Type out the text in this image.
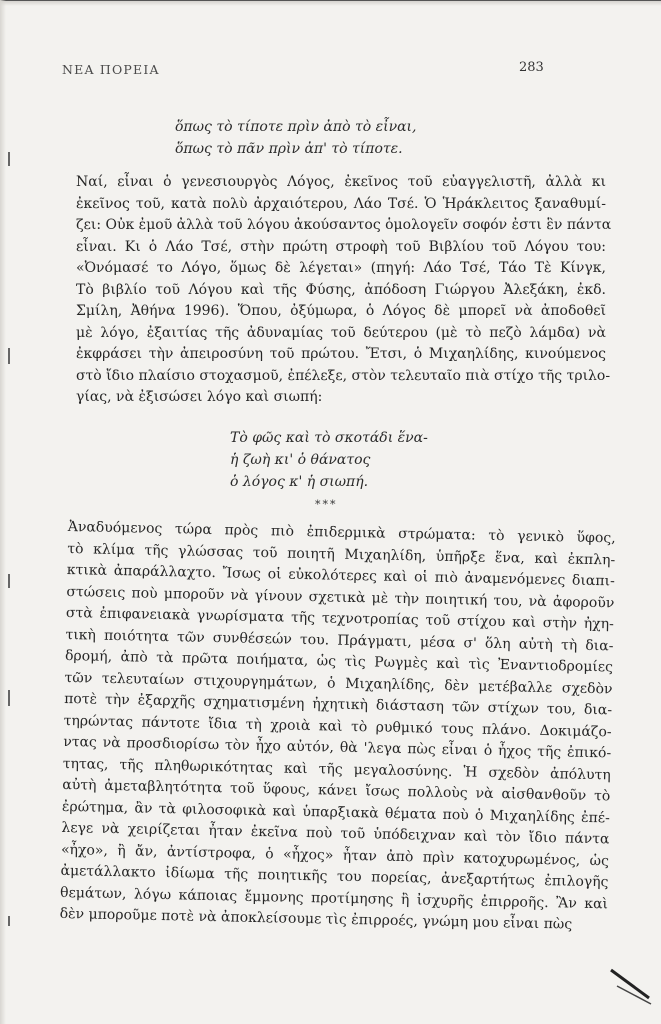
ΝΕΑ ΠΟΡΕΙΑ	283
ὅπως τὸ τίποτε πρὶν ἀπὸ τὸ εἶναι,
ὅπως τὸ πᾶν πρὶν ἀπ' τὸ τίποτε.

Ναί, εἶναι ὁ γενεσιουργὸς Λόγος, ἐκεῖνος τοῦ εὐαγγελιστῆ, ἀλλὰ κι
ἐκεῖνος τοῦ, κατὰ πολὺ ἀρχαιότερου, Λάο Τσέ. Ὁ Ἡράκλειτος ξαναθυμί-
ζει: Οὐκ ἐμοῦ ἀλλὰ τοῦ λόγου ἀκούσαντος ὁμολογεῖν σοφόν ἐστι ἓν πάντα
εἶναι. Κι ὁ Λάο Τσέ, στὴν πρώτη στροφὴ τοῦ Βιβλίου τοῦ Λόγου του:
«Ὀνόμασέ το Λόγο, ὅμως δὲ λέγεται» (πηγή: Λάο Τσέ, Τάο Τὲ Κίνγκ,
Τὸ βιβλίο τοῦ Λόγου καὶ τῆς Φύσης, ἀπόδοση Γιώργου Ἀλεξάκη, ἐκδ.
Σμίλη, Ἀθήνα 1996). Ὅπου, ὀξύμωρα, ὁ Λόγος δὲ μπορεῖ νὰ ἀποδοθεῖ
μὲ λόγο, ἐξαιτίας τῆς ἀδυναμίας τοῦ δεύτερου (μὲ τὸ πεζὸ λάμδα) νὰ
ἐκφράσει τὴν ἀπειροσύνη τοῦ πρώτου. Ἔτσι, ὁ Μιχαηλίδης, κινούμενος
στὸ ἴδιο πλαίσιο στοχασμοῦ, ἐπέλεξε, στὸν τελευταῖο πιὰ στίχο τῆς τριλο-
γίας, νὰ ἐξισώσει λόγο καὶ σιωπή:

Τὸ φῶς καὶ τὸ σκοτάδι ἕνα-
ἡ ζωὴ κι' ὁ θάνατος
ὁ λόγος κ' ἡ σιωπή.
***

Ἀναδυόμενος τώρα πρὸς πιὸ ἐπιδερμικὰ στρώματα: τὸ γενικὸ ὕφος,
τὸ κλίμα τῆς γλώσσας τοῦ ποιητῆ Μιχαηλίδη, ὑπῆρξε ἕνα, καὶ ἐκπλη-
κτικὰ ἀπαράλλαχτο. Ἴσως οἱ εὐκολότερες καὶ οἱ πιὸ ἀναμενόμενες διαπι-
στώσεις ποὺ μποροῦν νὰ γίνουν σχετικὰ μὲ τὴν ποιητική του, νὰ ἀφοροῦν
στὰ ἐπιφανειακὰ γνωρίσματα τῆς τεχνοτροπίας τοῦ στίχου καὶ στὴν ἠχη-
τικὴ ποιότητα τῶν συνθέσεών του. Πράγματι, μέσα σ' ὅλη αὐτὴ τὴ δια-
δρομή, ἀπὸ τὰ πρῶτα ποιήματα, ὡς τὶς Ρωγμὲς καὶ τὶς Ἐναντιοδρομίες
τῶν τελευταίων στιχουργημάτων, ὁ Μιχαηλίδης, δὲν μετέβαλλε σχεδὸν
ποτὲ τὴν ἐξαρχῆς σχηματισμένη ἠχητικὴ διάσταση τῶν στίχων του, δια-
τηρώντας πάντοτε ἴδια τὴ χροιὰ καὶ τὸ ρυθμικό τους πλάνο. Δοκιμάζο-
ντας νὰ προσδιορίσω τὸν ἦχο αὐτόν, θὰ 'λεγα πὼς εἶναι ὁ ἦχος τῆς ἐπικό-
τητας, τῆς πληθωρικότητας καὶ τῆς μεγαλοσύνης. Ἡ σχεδὸν ἀπόλυτη
αὐτὴ ἀμεταβλητότητα τοῦ ὕφους, κάνει ἴσως πολλοὺς νὰ αἰσθανθοῦν τὸ
ἐρώτημα, ἂν τὰ φιλοσοφικὰ καὶ ὑπαρξιακὰ θέματα ποὺ ὁ Μιχαηλίδης ἐπέ-
λεγε νὰ χειρίζεται ἦταν ἐκεῖνα ποὺ τοῦ ὑπόδειχναν καὶ τὸν ἴδιο πάντα
«ἦχο», ἢ ἄν, ἀντίστροφα, ὁ «ἦχος» ἦταν ἀπὸ πρὶν κατοχυρωμένος, ὡς
ἀμετάλλακτο ἰδίωμα τῆς ποιητικῆς του πορείας, ἀνεξαρτήτως ἐπιλογῆς
θεμάτων, λόγω κάποιας ἔμμονης προτίμησης ἢ ἰσχυρῆς ἐπιρροῆς. Ἂν καὶ
δὲν μποροῦμε ποτὲ νὰ ἀποκλείσουμε τὶς ἐπιρροές, γνώμη μου εἶναι πὼς
